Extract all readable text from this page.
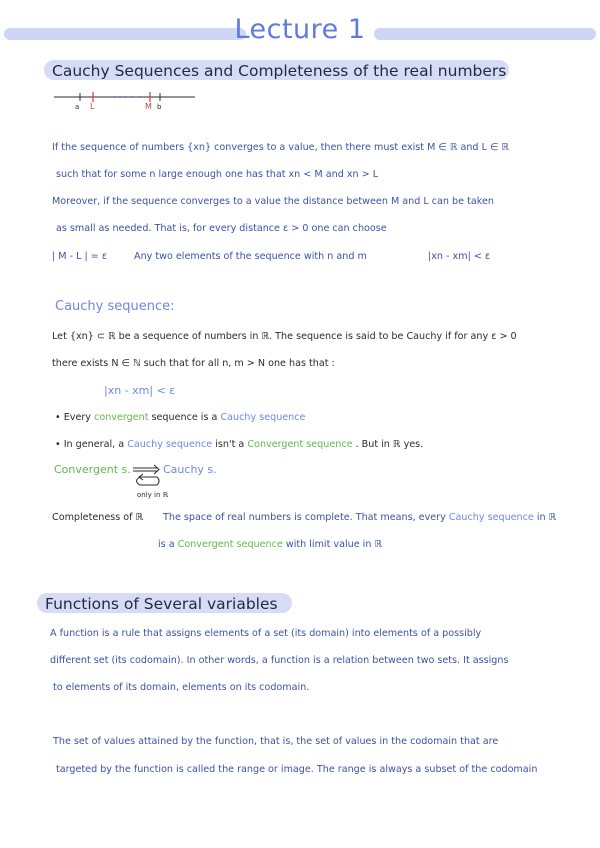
Lecture 1
Cauchy Sequences and Completeness of the real numbers
a L	M b
If the sequence of numbers {xn} converges to a value, then there must exist M ∈ ℝ and L ∈ ℝ
such that for some n large enough one has that xn < M and xn > L
Moreover, if the sequence converges to a value the distance between M and L can be taken
as small as needed. That is, for every distance ε > 0 one can choose
| M - L | = ε	Any two elements of the sequence with n and m	|xn - xm| < ε
Cauchy sequence:
Let {xn} ⊂ ℝ be a sequence of numbers in ℝ. The sequence is said to be Cauchy if for any ε > 0
there exists N ∈ ℕ such that for all n, m > N one has that :
|xn - xm| < ε
• Every convergent sequence is a Cauchy sequence
• In general, a Cauchy sequence isn't a Convergent sequence . But in ℝ yes.
Convergent s.	Cauchy s.
only in ℝ
Completeness of ℝ The space of real numbers is complete. That means, every Cauchy sequence in ℝ
is a Convergent sequence with limit value in ℝ
Functions of Several variables
A function is a rule that assigns elements of a set (its domain) into elements of a possibly
different set (its codomain). In other words, a function is a relation between two sets. It assigns
to elements of its domain, elements on its codomain.
The set of values attained by the function, that is, the set of values in the codomain that are
targeted by the function is called the range or image. The range is always a subset of the codomain
